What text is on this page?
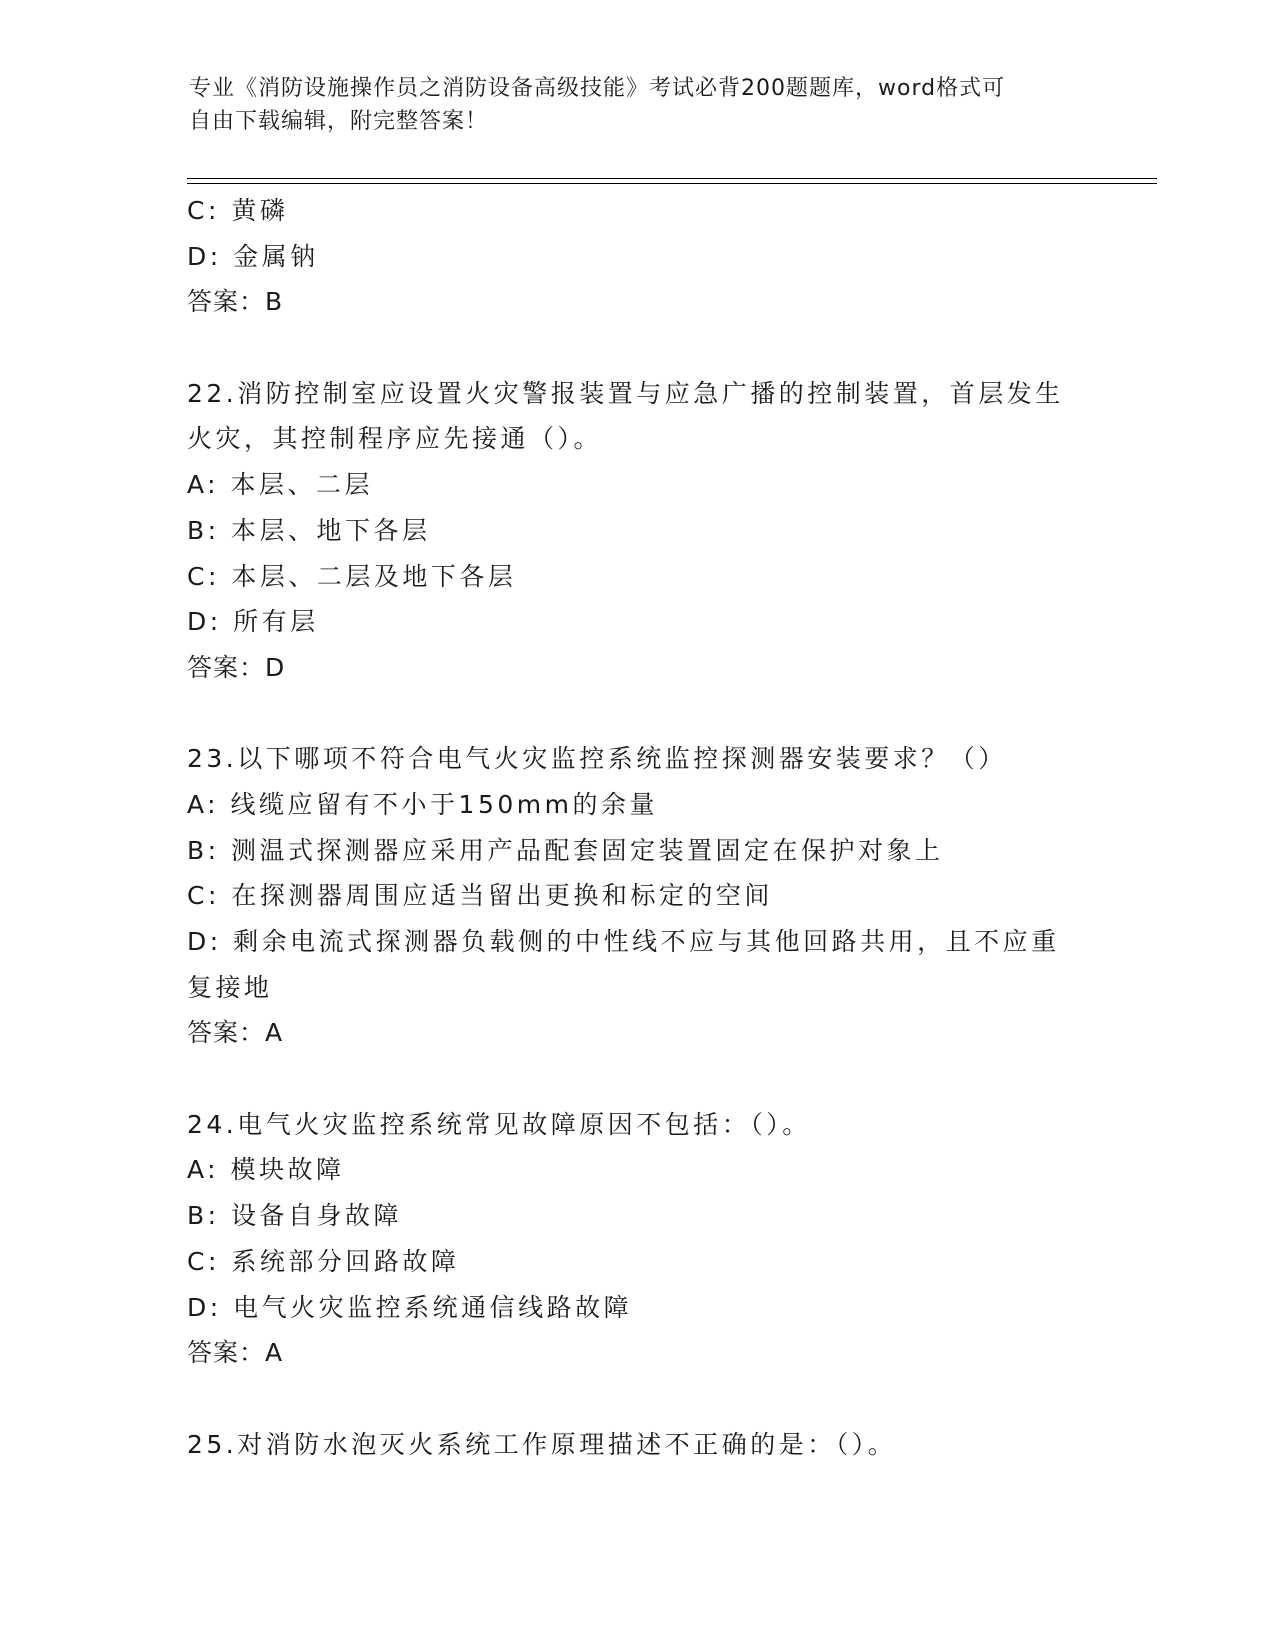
专业《消防设施操作员之消防设备高级技能》考试必背200题题库，word格式可
自由下载编辑，附完整答案！
C: 黄磷
D: 金属钠
答案：B
22.消防控制室应设置火灾警报装置与应急广播的控制装置，首层发生
火灾，其控制程序应先接通（）。
A: 本层、二层
B: 本层、地下各层
C: 本层、二层及地下各层
D: 所有层
答案：D
23.以下哪项不符合电气火灾监控系统监控探测器安装要求？（）
A: 线缆应留有不小于150mm的余量
B: 测温式探测器应采用产品配套固定装置固定在保护对象上
C: 在探测器周围应适当留出更换和标定的空间
D: 剩余电流式探测器负载侧的中性线不应与其他回路共用，且不应重
复接地
答案：A
24.电气火灾监控系统常见故障原因不包括：（）。
A: 模块故障
B: 设备自身故障
C: 系统部分回路故障
D: 电气火灾监控系统通信线路故障
答案：A
25.对消防水泡灭火系统工作原理描述不正确的是：（）。
